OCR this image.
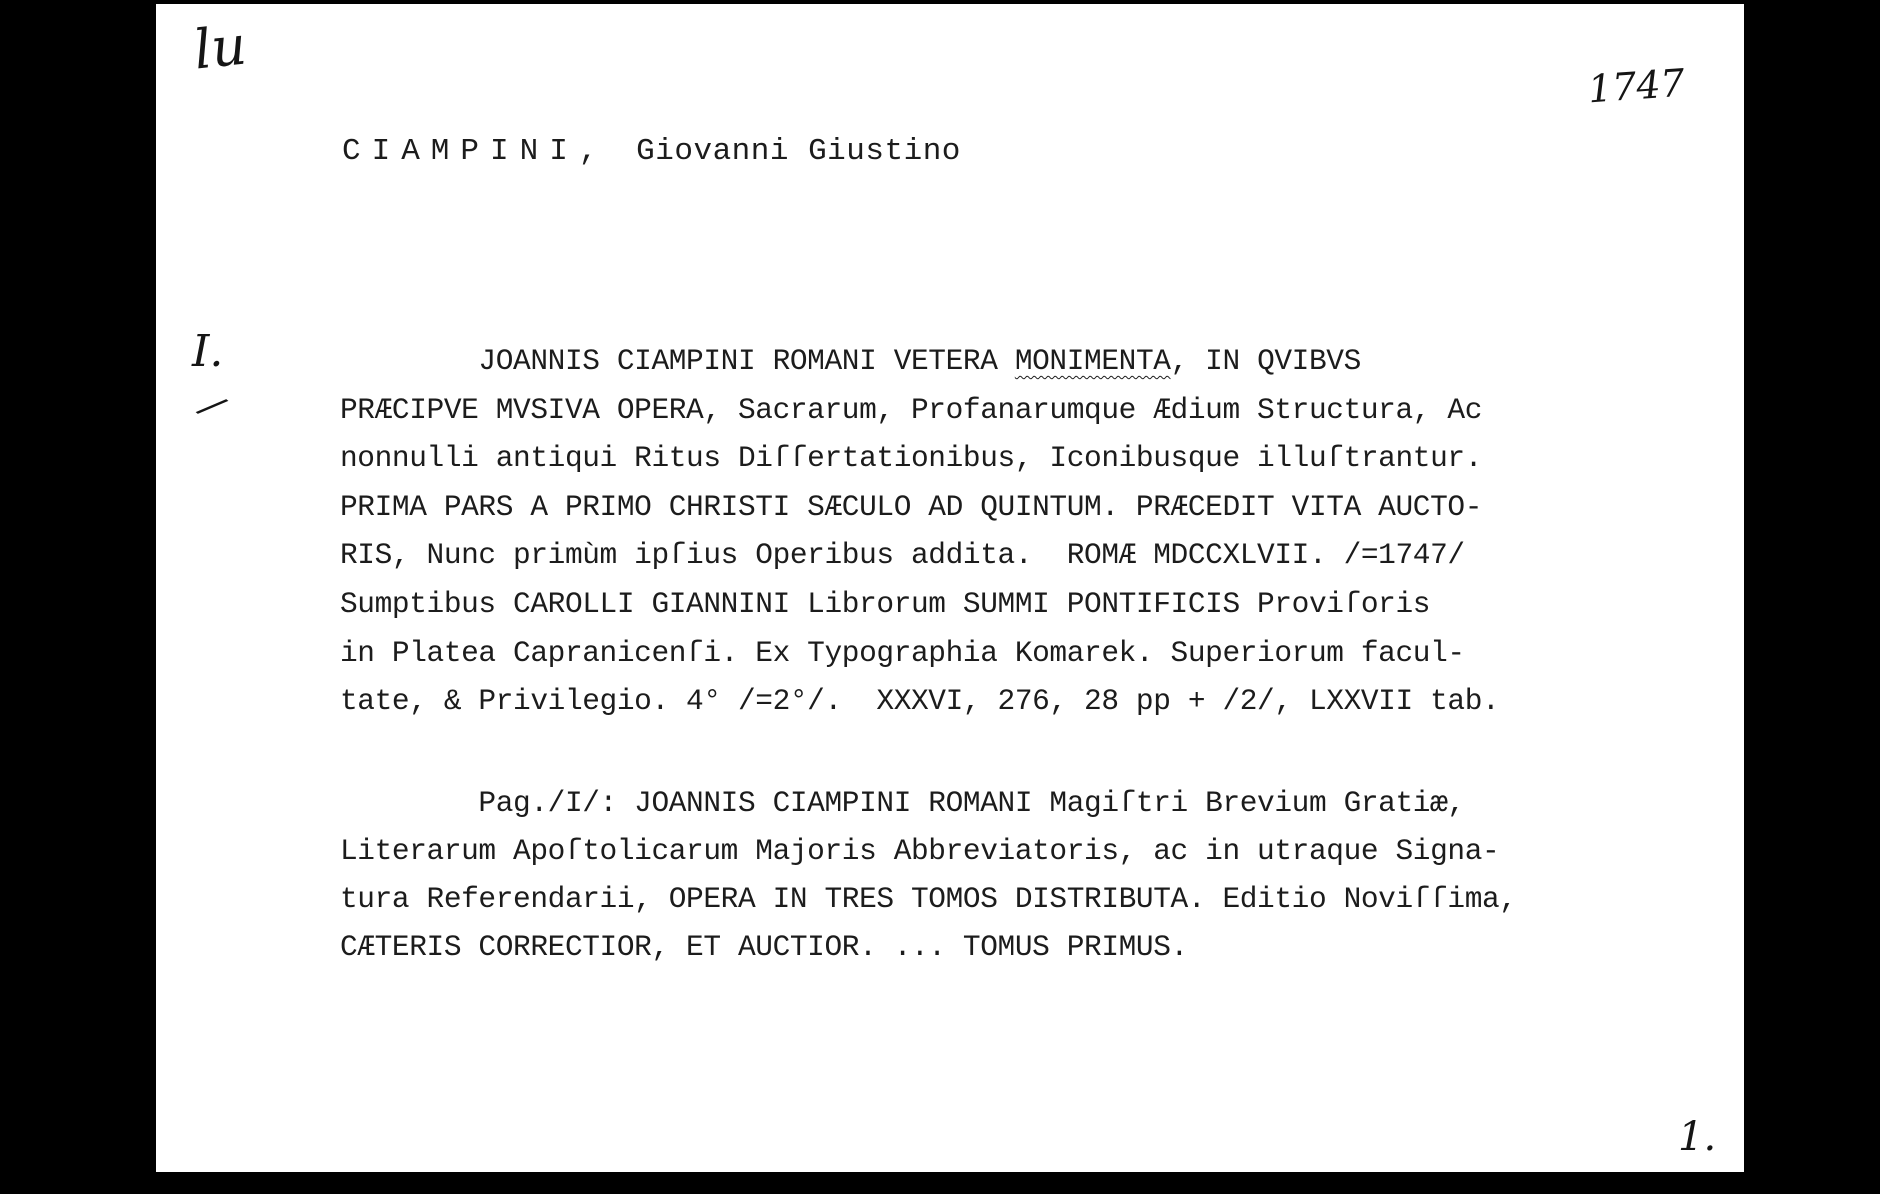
lu
1747
I.
/
1.
CIAMPINI, Giovanni Giustino
JOANNIS CIAMPINI ROMANI VETERA MONIMENTA, IN QVIBVS
PRÆCIPVE MVSIVA OPERA, Sacrarum, Profanarumque Ædium Structura, Ac
nonnulli antiqui Ritus Diſſertationibus, Iconibusque illuſtrantur.
PRIMA PARS A PRIMO CHRISTI SÆCULO AD QUINTUM. PRÆCEDIT VITA AUCTO-
RIS, Nunc primùm ipſius Operibus addita.  ROMÆ MDCCXLVII. /=1747/
Sumptibus CAROLLI GIANNINI Librorum SUMMI PONTIFICIS Proviſoris
in Platea Capranicenſi. Ex Typographia Komarek. Superiorum facul-
tate, & Privilegio. 4° /=2°/.  XXXVI, 276, 28 pp + /2/, LXXVII tab.
Pag./I/: JOANNIS CIAMPINI ROMANI Magiſtri Brevium Gratiæ,
Literarum Apoſtolicarum Majoris Abbreviatoris, ac in utraque Signa-
tura Referendarii, OPERA IN TRES TOMOS DISTRIBUTA. Editio Noviſſima,
CÆTERIS CORRECTIOR, ET AUCTIOR. ... TOMUS PRIMUS.
